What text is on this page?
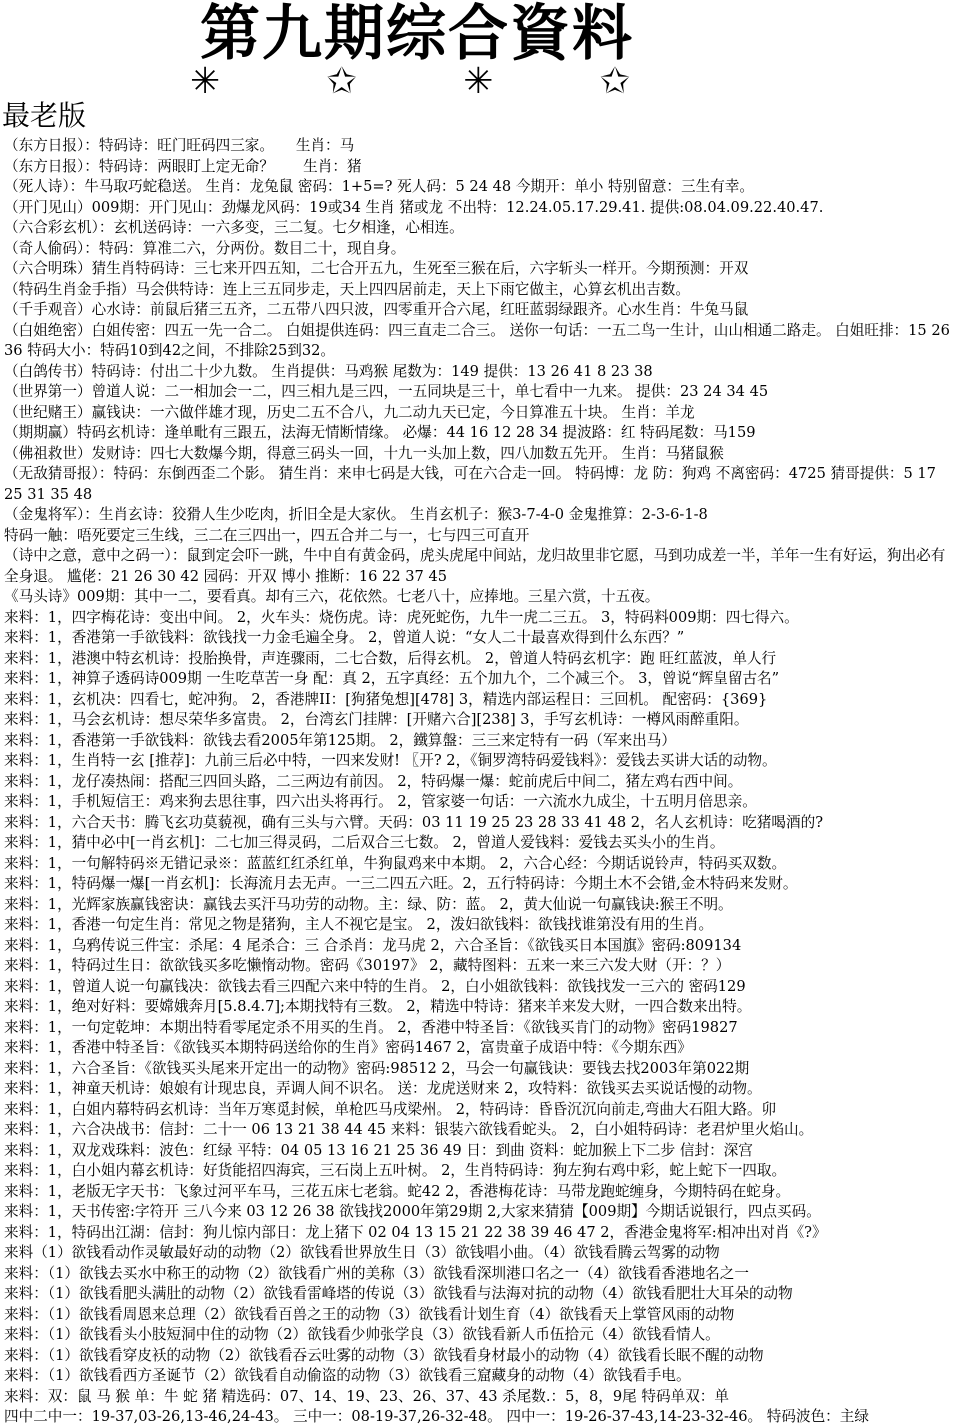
第九期综合資料
✳	✩	✳	✩
最老版
（东方日报）：特码诗：旺门旺码四三家。　　生肖：马
（东方日报）：特码诗：两眼盯上定无命？　　生肖：猪
（死人诗）：牛马取巧蛇稳送。 生肖：龙兔鼠 密码：1+5=? 死人码：5 24 48 今期开：单小 特别留意：三生有幸。
（开门见山）009期：开门见山：劲爆龙风码：19或34 生肖 猪或龙 不出特：12.24.05.17.29.41. 提供:08.04.09.22.40.47.
（六合彩玄机）：玄机送码诗：一六多变，三二复。七夕相逢，心相连。
（奇人偷码）：特码：算准二六，分两份。数目二十，现自身。
（六合明珠）猜生肖特码诗：三七来开四五知，二七合开五九，生死至三猴在后，六字斩头一样开。今期预测：开双
（特码生肖金手指）马会供特诗：连上三五同步走，天上四四居前走，天上下雨它做主，心算玄机出吉数。
（千手观音）心水诗：前鼠后猪三五齐，二五带八四只波，四零重开合六尾，红旺蓝弱绿跟齐。心水生肖：牛兔马鼠
（白姐绝密）白姐传密：四五一先一合二。 白姐提供连码：四三直走二合三。 送你一句话：一五二鸟一生计，山山相通二路走。 白姐旺排：15 26 36 特码大小：特码10到42之间，不排除25到32。
（白鸽传书）特码诗：付出二十少九数。 生肖提供：马鸡猴 尾数为：149 提供：13 26 41 8 23 38
（世界第一）曾道人说：二一相加会一二，四三相九是三四，一五同块是三十，单七看中一九来。 提供：23 24 34 45
（世纪赌王）赢钱诀：一六做伴雄才现，历史二五不合八，九二动九天已定，今日算准五十块。 生肖：羊龙
（期期赢）特码玄机诗：逢单毗有三跟五，法海无情断情缘。 必爆：44 16 12 28 34 提波路：红 特码尾数：马159
（佛祖救世）发财诗：四七大数爆今期，得意三码头一回，十九一头加上数，四八加数五先开。 生肖：马猪鼠猴
（无敌猜哥报）：特码：东倒西歪二个影。 猜生肖：来申七码是大钱，可在六合走一回。 特码博：龙 防：狗鸡 不离密码：4725 猜哥提供：5 17 25 31 35 48
（金鬼将军）：生肖玄诗：狡猾人生少吃肉，折旧全是大家伙。 生肖玄机子：猴3-7-4-0 金鬼推算：2-3-6-1-8
特码一触：唔死要定三生线，三二在三四出一，四五合并二与一，七与四三可直开
（诗中之意，意中之码一）：鼠到定会吓一跳，牛中自有黄金码，虎头虎尾中间站，龙归故里非它愿，马到功成差一半，羊年一生有好运，狗出必有全身退。 尴佬：21 26 30 42 园码：开双 博小 推断：16 22 37 45
《马头诗》009期：其中一二，要看真。却有三六，花依然。七老八十，应捧地。三星六赏，十五夜。
来料：1，四字梅花诗：变出中间。 2，火车头：烧伤虎。诗：虎死蛇伤，九牛一虎二三五。 3，特码料009期：四七得六。
来料：1，香港第一手欲钱料：欲钱找一力金毛遍全身。 2，曾道人说：“女人二十最喜欢得到什么东西？”
来料：1，港澳中特玄机诗：投胎换骨，声连骤雨，二七合数，后得玄机。 2，曾道人特码玄机字：跑 旺红蓝波，单人行
来料：1，神算子透码诗009期 一生吃草苦一身 配：真 2，五字真经：五个加九个，二个减三个。 3，曾说“辉皇留古名”
来料：1，玄机决：四看七，蛇冲狗。 2，香港牌II：[狗猪兔想][478] 3，精选内部运程日：三回机。 配密码：{369}
来料：1，马会玄机诗：想尽荣华多富贵。 2，台湾玄门挂牌：[开赌六合][238] 3，手写玄机诗：一樽风雨醉重阳。
来料：1，香港第一手欲钱料：欲钱去看2005年第125期。 2，鐵算盤：三三来定特有一码（军来出马）
来料：1，生肖特一玄 [推荐]：九前三后必中特，一四来发财! 〖开? 2，《铜罗湾特码爱钱料》：爱钱去买讲大话的动物。
来料：1，龙仔凑热闹：搭配三四回头路，二三两边有前因。 2，特码爆一爆：蛇前虎后中间二，猪左鸡右西中间。
来料：1，手机短信王：鸡来狗去思往事，四六出头将再行。 2，管家婆一句话：一六流水九成尘，十五明月倍思亲。
来料：1，六合天书：腾飞玄功莫藐视，确有三头与六臂。天码：03 11 19 25 23 28 33 41 48 2，名人玄机诗：吃猪喝酒的?
来料：1，猜中必中[一肖玄机]：二七加三得灵码，二后双合三七数。 2，曾道人爱钱料：爱钱去买头小的生肖。
来料：1，一句解特码※无错记录※：蓝蓝红红杀红单，牛狗鼠鸡来中本期。 2，六合心经：今期话说铃声，特码买双数。
来料：1，特码爆一爆[一肖玄机]：长海流月去无声。一三二四五六旺。2，五行特码诗：今期土木不会错,金木特码来发财。
来料：1，光辉家族赢钱密诀：赢钱去买汗马功劳的动物。主：绿、防：蓝。 2，黄大仙说一句赢钱诀:猴王不明。
来料：1，香港一句定生肖：常见之物是猪狗，主人不视它是宝。 2，泼妇欲钱料：欲钱找谁第没有用的生肖。
来料：1，乌鸦传说三件宝：杀尾：4 尾杀合：三 合杀肖：龙马虎 2，六合圣旨：《欲钱买日本国旗》密码:809134
来料：1，特码过生日：欲欲钱买多吃懒惰动物。密码《30197》 2，藏特图料：五来一来三六发大财（开：？）
来料：1，曾道人说一句赢钱决：欲钱去看三四配六来中特的生肖。 2，白小姐欲钱料：欲钱找发一三六的 密码129
来料：1，绝对好料：要嫦娥奔月[5.8.4.7];本期找特有三数。 2，精选中特诗：猪来羊来发大财，一四合数来出特。
来料：1，一句定乾坤：本期出特看零尾定杀不用买的生肖。 2，香港中特圣旨：《欲钱买肯门的动物》密码19827
来料：1，香港中特圣旨：《欲钱买本期特码送给你的生肖》密码1467 2，富贵童子成语中特：《今期东西》
来料：1，六合圣旨：《欲钱买头尾来开定出一的动物》密码:98512 2，马会一句赢钱诀：要钱去找2003年第022期
来料：1，神童天机诗：娘娘有计现忠良，弄调人间不识名。 送：龙虎送财来 2，攻特料：欲钱买去买说话慢的动物。
来料：1，白姐内幕特码玄机诗：当年万寒觅封候，单枪匹马戌梁州。 2，特码诗：昏昏沉沉向前走,弯曲大石阻大路。卯
来料：1，六合决战书：信封：二十一 06 13 21 38 44 45 来料：银装六欲钱看蛇头。 2，白小姐特码诗：老君炉里火焰山。
来料：1，双龙戏珠料：波色：红绿 平特：04 05 13 16 21 25 36 49 日：到曲 资料：蛇加猴上下二步 信封：深宫
来料：1，白小姐内幕玄机诗：好货能招四海宾，三石岗上五叶树。 2，生肖特码诗：狗左狗右鸡中彩，蛇上蛇下一四取。
来料：1，老版无字天书：飞象过河平车马，三花五床七老翁。蛇42 2，香港梅花诗：马带龙跑蛇缠身，今期特码在蛇身。
来料：1，天书传密:字符开 三八今来 03 12 26 38 欲钱找2000年第29期 2,大家来猜猜【009期】今期话说银行，四点买码。
来料：1，特码出江湖：信封：狗儿惊内部日：龙上猪下 02 04 13 15 21 22 38 39 46 47 2，香港金鬼将军:相冲出对肖《?》
来料（1）欲钱看动作灵敏最好动的动物（2）欲钱看世界放生日（3）欲钱唱小曲。（4）欲钱看腾云驾雾的动物
来料：（1）欲钱去买水中称王的动物（2）欲钱看广州的美称（3）欲钱看深圳港口名之一（4）欲钱看香港地名之一
来料：（1）欲钱看肥头满肚的动物（2）欲钱看雷峰塔的传说（3）欲钱看与法海对抗的动物（4）欲钱看肥壮大耳朵的动物
来料：（1）欲钱看周恩来总理（2）欲钱看百兽之王的动物（3）欲钱看计划生育（4）欲钱看天上掌管风雨的动物
来料：（1）欲钱看头小肢短洞中住的动物（2）欲钱看少帅张学良（3）欲钱看新人币伍拾元（4）欲钱看情人。
来料：（1）欲钱看穿皮袄的动物（2）欲钱看吞云吐雾的动物（3）欲钱看身材最小的动物（4）欲钱看长眠不醒的动物
来料：（1）欲钱看西方圣诞节（2）欲钱看自动偷盗的动物（3）欲钱看三窟藏身的动物（4）欲钱看手电。
来料：双：鼠 马 猴 单：牛 蛇 猪 精选码：07、14、19、23、26、37、43 杀尾数.：5，8，9尾 特码单双：单
四中二中一：19-37,03-26,13-46,24-43。 三中一：08-19-37,26-32-48。 四中一：19-26-37-43,14-23-32-46。 特码波色：主绿
